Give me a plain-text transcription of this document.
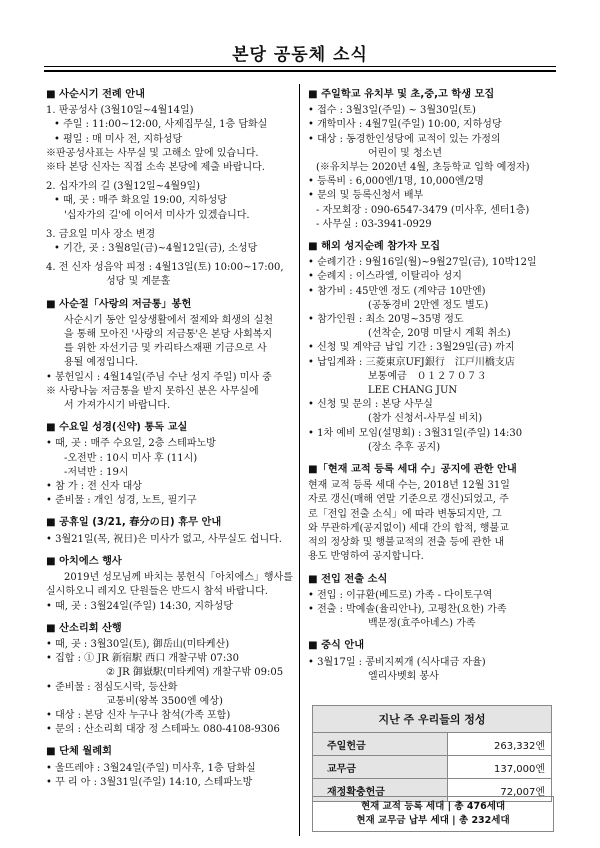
본당 공동체 소식
■ 사순시기 전례 안내
1. 판공성사 (3월10일~4월14일)
• 주일 : 11:00~12:00, 사제집무실, 1층 담화실
• 평일 : 매 미사 전, 지하성당
※판공성사표는 사무실 및 고해소 앞에 있습니다.
※타 본당 신자는 직접 소속 본당에 제출 바랍니다.
2. 십자가의 길 (3월12일~4월9일)
• 때, 곳 : 매주 화요일 19:00, 지하성당
'십자가의 길'에 이어서 미사가 있겠습니다.
3. 금요일 미사 장소 변경
• 기간, 곳 : 3월8일(금)~4월12일(금), 소성당
4. 전 신자 성음악 피정 : 4월13일(토) 10:00~17:00,
성당 및 계문홀
■ 사순절「사랑의 저금통」봉헌
사순시기 동안 일상생활에서 절제와 희생의 실천
을 통해 모아진 '사랑의 저금통'은 본당 사회복지
를 위한 자선기금 및 카리타스재팬 기금으로 사
용될 예정입니다.
• 봉헌일시 : 4월14일(주님 수난 성지 주일) 미사 중
※ 사랑나눔 저금통을 받지 못하신 분은 사무실에
서 가져가시기 바랍니다.
■ 수요일 성경(신약) 통독 교실
• 때, 곳 : 매주 수요일, 2층 스테파노방
-오전반 : 10시 미사 후 (11시)
-저녁반 : 19시
• 참 가 : 전 신자 대상
• 준비물 : 개인 성경, 노트, 필기구
■ 공휴일 (3/21, 春分の日) 휴무 안내
• 3월21일(목, 祝日)은 미사가 없고, 사무실도 쉽니다.
■ 아치에스 행사
2019년 성모님께 바치는 봉헌식「아치에스」행사를
실시하오니 레지오 단원들은 반드시 참석 바랍니다.
• 때, 곳 : 3월24일(주일) 14:30, 지하성당
■ 산소리회 산행
• 때, 곳 : 3월30일(토), 御岳山(미타케산)
• 집합 : ① JR 新宿駅 西口 개찰구밖 07:30
② JR 御嶽駅(미타케역) 개찰구밖 09:05
• 준비물 : 점심도시락, 등산화
교통비(왕복 3500엔 예상)
• 대상 : 본당 신자 누구나 참석(가족 포함)
• 문의 : 산소리회 대장 정 스테파노 080-4108-9306
■ 단체 월례회
• 울뜨레야 : 3월24일(주일) 미사후, 1층 담화실
• 꾸 리 아 : 3월31일(주일) 14:10, 스테파노방
■ 주일학교 유치부 및 초,중,고 학생 모집
• 접수 : 3월3일(주일) ~ 3월30일(토)
• 개학미사 : 4월7일(주일) 10:00, 지하성당
• 대상 : 동경한인성당에 교적이 있는 가정의
어린이 및 청소년
(※유치부는 2020년 4월, 초등학교 입학 예정자)
• 등록비 : 6,000엔/1명, 10,000엔/2명
• 문의 및 등록신청서 배부
- 자모회장 : 090-6547-3479 (미사후, 센터1층)
- 사무실 : 03-3941-0929
■ 해외 성지순례 참가자 모집
• 순례기간 : 9월16일(월)~9월27일(금), 10박12일
• 순례지 : 이스라엘, 이탈리아 성지
• 참가비 : 45만엔 정도 (계약금 10만엔)
(공동경비 2만엔 정도 별도)
• 참가인원 : 최소 20명~35명 정도
(선착순, 20명 미달시 계획 취소)
• 신청 및 계약금 납입 기간 : 3월29일(금) 까지
• 납입계좌 : 三菱東京UFJ銀行　江戸川橋支店
보통예금　０１２７０７３
LEE CHANG JUN
• 신청 및 문의 : 본당 사무실
(참가 신청서-사무실 비치)
• 1차 예비 모임(설명회) : 3월31일(주일) 14:30
(장소 추후 공지)
■「현재 교적 등록 세대 수」공지에 관한 안내
현재 교적 등록 세대 수는, 2018년 12월 31일
자로 갱신(매해 연말 기준으로 갱신)되었고, 주
로「전입 전출 소식」에 따라 변동되지만, 그
와 무관하게(공지없이) 세대 간의 합적, 행불교
적의 정상화 및 행불교적의 전출 등에 관한 내
용도 반영하여 공지합니다.
■ 전입 전출 소식
• 전입 : 이규환(베드로) 가족 - 다이토구역
• 전출 : 박예솔(율리안나), 고평찬(요한) 가족
백문정(효주아녜스) 가족
■ 중식 안내
• 3월17일 : 콩비지찌개 (식사대금 자율)
엘리사벳회 봉사
지난 주 우리들의 정성	
주일헌금	263,332엔
교무금	137,000엔
재정확충헌금	72,007엔
현재 교적 등록 세대 | 총 476세대
현재 교무금 납부 세대 | 총 232세대
